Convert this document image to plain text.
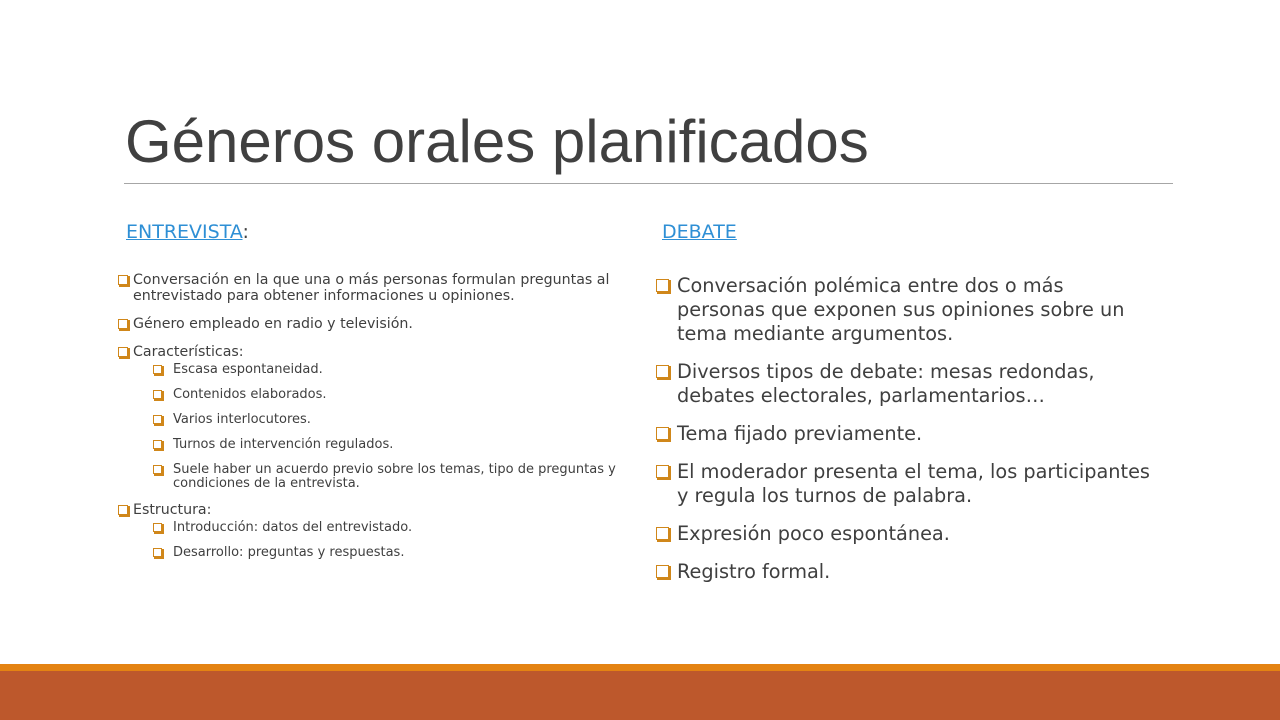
Géneros orales planificados
ENTREVISTA:	DEBATE
Conversación en la que una o más personas formulan preguntas al entrevistado para obtener informaciones u opiniones.
Género empleado en radio y televisión.
Características:
Escasa espontaneidad.
Contenidos elaborados.
Varios interlocutores.
Turnos de intervención regulados.
Suele haber un acuerdo previo sobre los temas, tipo de preguntas y condiciones de la entrevista.
Estructura:
Introducción: datos del entrevistado.
Desarrollo: preguntas y respuestas.
Conversación polémica entre dos o más personas que exponen sus opiniones sobre un tema mediante argumentos.
Diversos tipos de debate: mesas redondas, debates electorales, parlamentarios…
Tema fijado previamente.
El moderador presenta el tema, los participantes y regula los turnos de palabra.
Expresión poco espontánea.
Registro formal.
